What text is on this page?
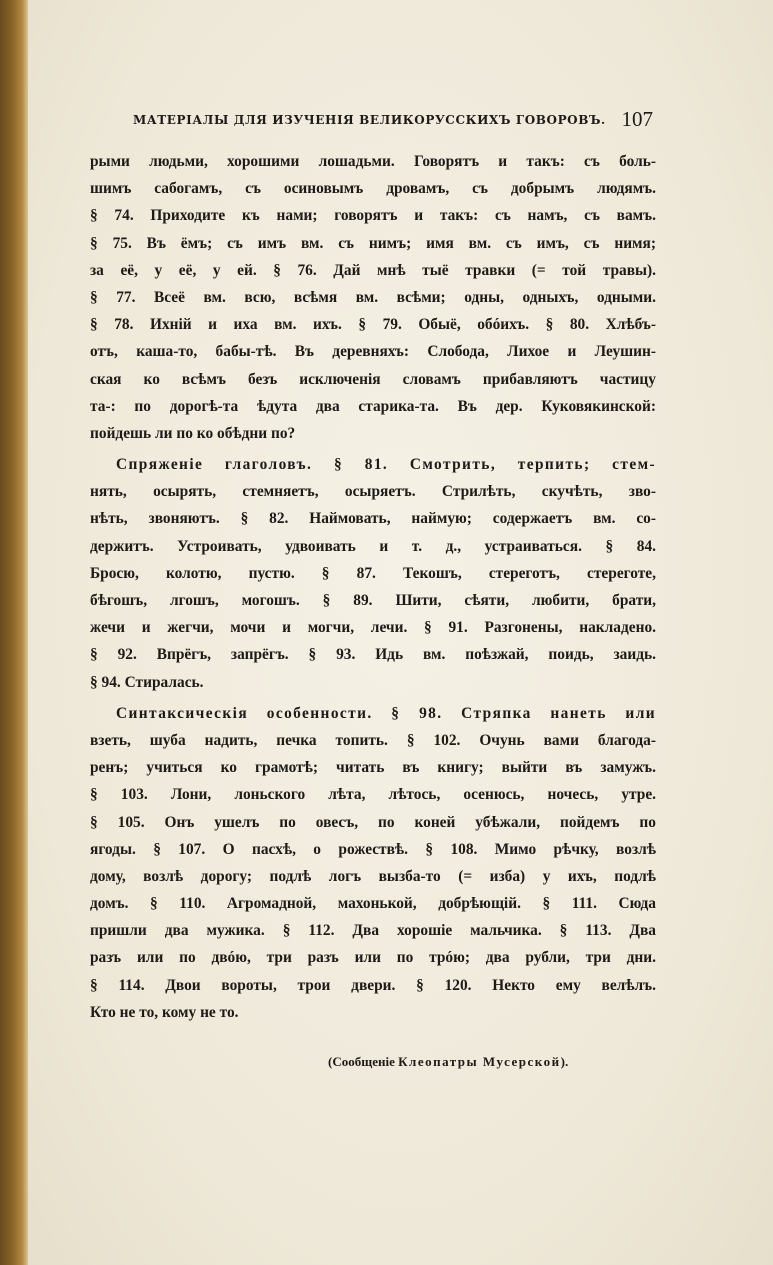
МАТЕРІАЛЫ ДЛЯ ИЗУЧЕНІЯ ВЕЛИКОРУССКИХЪ ГОВОРОВЪ. 107
рыми людьми, хорошими лошадьми. Говорятъ и такъ: съ боль-
шимъ сабогамъ, съ осиновымъ дровамъ, съ добрымъ людямъ.
§ 74. Приходите къ нами; говорятъ и такъ: съ намъ, съ вамъ.
§ 75. Въ ёмъ; съ имъ вм. съ нимъ; имя вм. съ имъ, съ нимя;
за её, у её, у ей. § 76. Дай мнѣ тыё травки (= той травы).
§ 77. Всеё вм. всю, всѣмя вм. всѣми; одны, одныхъ, одными.
§ 78. Ихнiй и иха вм. ихъ. § 79. Обыё, обóихъ. § 80. Хлѣбъ-
отъ, каша-то, бабы-тѣ. Въ деревняхъ: Слобода, Лихое и Леушин-
ская ко всѣмъ безъ исключенія словамъ прибавляютъ частицу
та-: по дорогѣ-та ѣдута два старика-та. Въ дер. Куковякинской:
пойдешь ли по ко обѣдни по?
Спряженіе глаголовъ. § 81. Смотрить, терпить; стем-
нять, осырять, стемняетъ, осыряетъ. Стрилѣть, скучѣть, зво-
нѣть, звоняютъ. § 82. Наймовать, наймую; содержаетъ вм. со-
держитъ. Устроивать, удвоивать и т. д., устраиваться. § 84.
Бросю, колотю, пустю. § 87. Текошъ, стереготъ, стереготе,
бѣгошъ, лгошъ, могошъ. § 89. Шити, сѣяти, любити, брати,
жечи и жегчи, мочи и могчи, лечи. § 91. Разгонены, накладено.
§ 92. Впрёгъ, запрёгъ. § 93. Идь вм. поѣзжай, поидь, заидь.
§ 94. Стиралась.
Синтаксическія особенности. § 98. Стряпка нанеть или
взеть, шуба надить, печка топить. § 102. Очунь вами благода-
ренъ; учиться ко грамотѣ; читать въ книгу; выйти въ замужъ.
§ 103. Лони, лоньского лѣта, лѣтось, осенюсь, ночесь, утре.
§ 105. Онъ ушелъ по овесъ, по коней убѣжали, пойдемъ по
ягоды. § 107. О пасхѣ, о рожествѣ. § 108. Мимо рѣчку, возлѣ
дому, возлѣ дорогу; подлѣ логъ вызба-то (= изба) у ихъ, подлѣ
домъ. § 110. Агромадной, махонькой, добрѣющій. § 111. Сюда
пришли два мужика. § 112. Два хорошіе мальчика. § 113. Два
разъ или по двóю, три разъ или по трóю; два рубли, три дни.
§ 114. Двои вороты, трои двери. § 120. Некто ему велѣлъ.
Кто не то, кому не то.
(Сообщеніе Клеопатры Мусерской).
